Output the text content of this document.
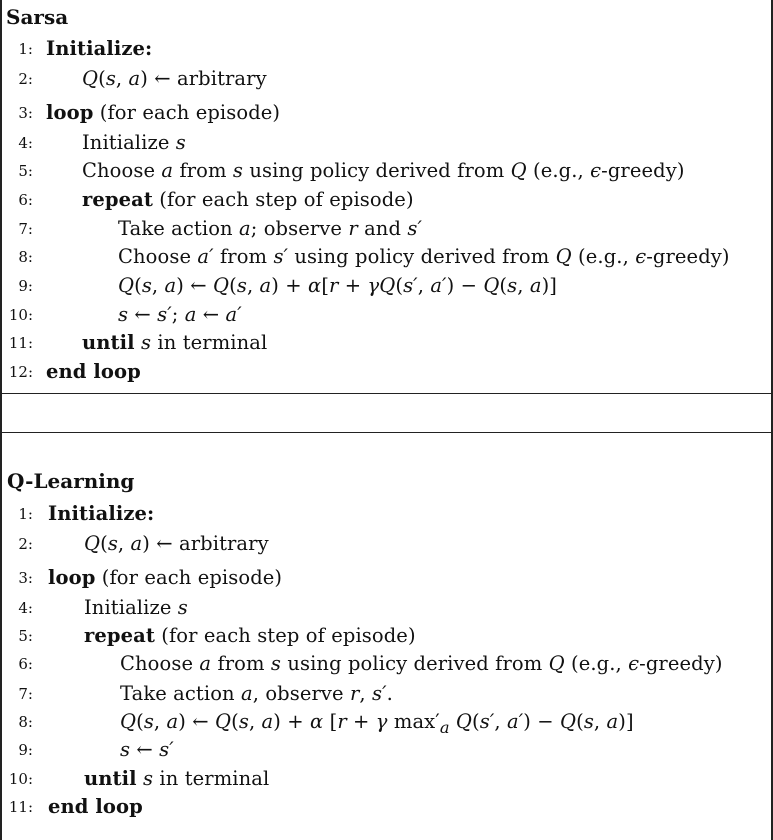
Sarsa
1: Initialize:
2:	Q(s, a) ← arbitrary
3: loop (for each episode)
4:	Initialize s
5:	Choose a from s using policy derived from Q (e.g., ϵ-greedy)
6:	repeat (for each step of episode)
7:	Take action a; observe r and s′
8:	Choose a′ from s′ using policy derived from Q (e.g., ϵ-greedy)
9:	Q(s, a) ← Q(s, a) + α[r + γQ(s′, a′) − Q(s, a)]
10:	s ← s′; a ← a′
11:	until s in terminal
12: end loop
Q-Learning
1: Initialize:
2:	Q(s, a) ← arbitrary
3: loop (for each episode)
4:	Initialize s
5:	repeat (for each step of episode)
6:	Choose a from s using policy derived from Q (e.g., ϵ-greedy)
7:	Take action a, observe r, s′.
8:	Q(s, a) ← Q(s, a) + α [r + γ $\max'_a$ Q(s′, a′) − Q(s, a)]
9:	s ← s′
10:	until s in terminal
11: end loop
